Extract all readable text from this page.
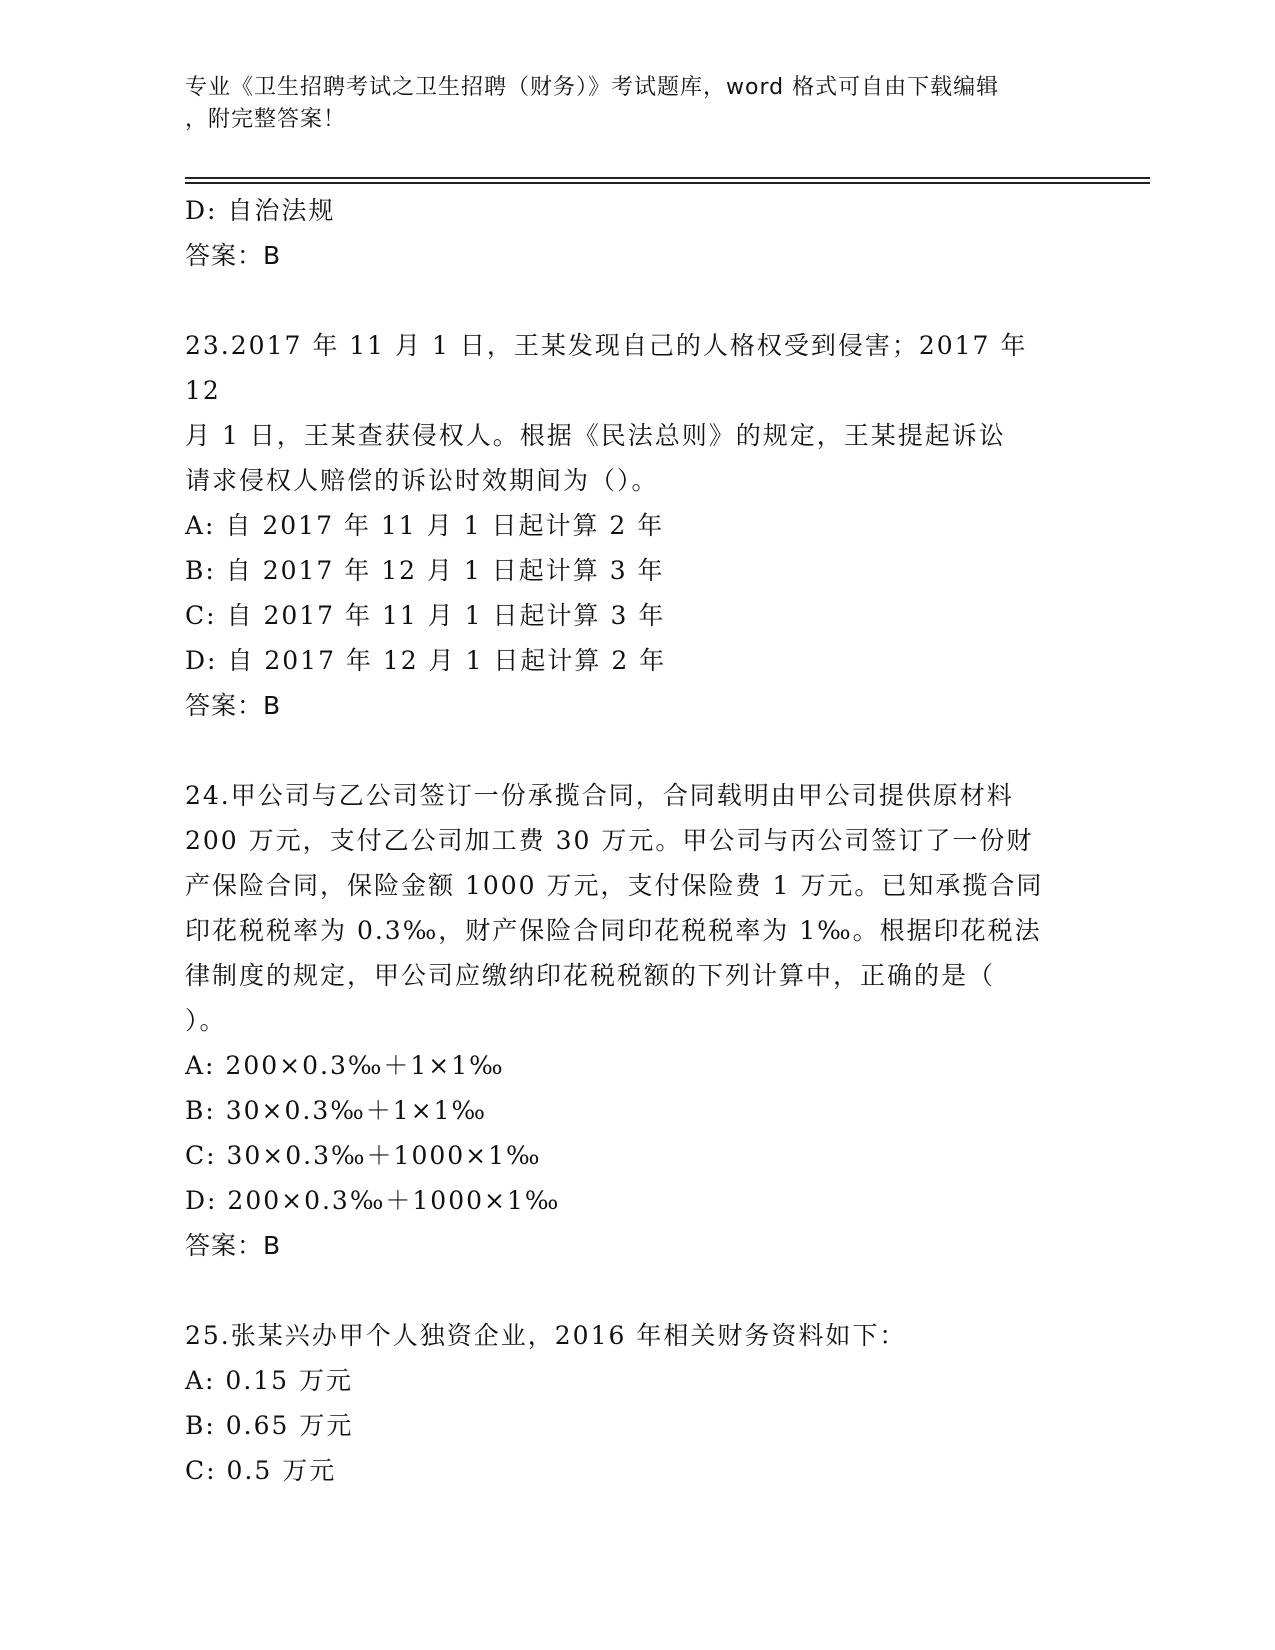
专业《卫生招聘考试之卫生招聘（财务）》考试题库，word 格式可自由下载编辑
，附完整答案！
D: 自治法规
答案：B
23.2017 年 11 月 1 日，王某发现自己的人格权受到侵害；2017 年 12
月 1 日，王某查获侵权人。根据《民法总则》的规定，王某提起诉讼
请求侵权人赔偿的诉讼时效期间为（）。
A: 自 2017 年 11 月 1 日起计算 2 年
B: 自 2017 年 12 月 1 日起计算 3 年
C: 自 2017 年 11 月 1 日起计算 3 年
D: 自 2017 年 12 月 1 日起计算 2 年
答案：B
24.甲公司与乙公司签订一份承揽合同，合同载明由甲公司提供原材料
200 万元，支付乙公司加工费 30 万元。甲公司与丙公司签订了一份财
产保险合同，保险金额 1000 万元，支付保险费 1 万元。已知承揽合同
印花税税率为 0.3‰，财产保险合同印花税税率为 1‰。根据印花税法
律制度的规定，甲公司应缴纳印花税税额的下列计算中，正确的是（
）。
A: 200×0.3‰＋1×1‰
B: 30×0.3‰＋1×1‰
C: 30×0.3‰＋1000×1‰
D: 200×0.3‰＋1000×1‰
答案：B
25.张某兴办甲个人独资企业，2016 年相关财务资料如下：
A: 0.15 万元
B: 0.65 万元
C: 0.5 万元
